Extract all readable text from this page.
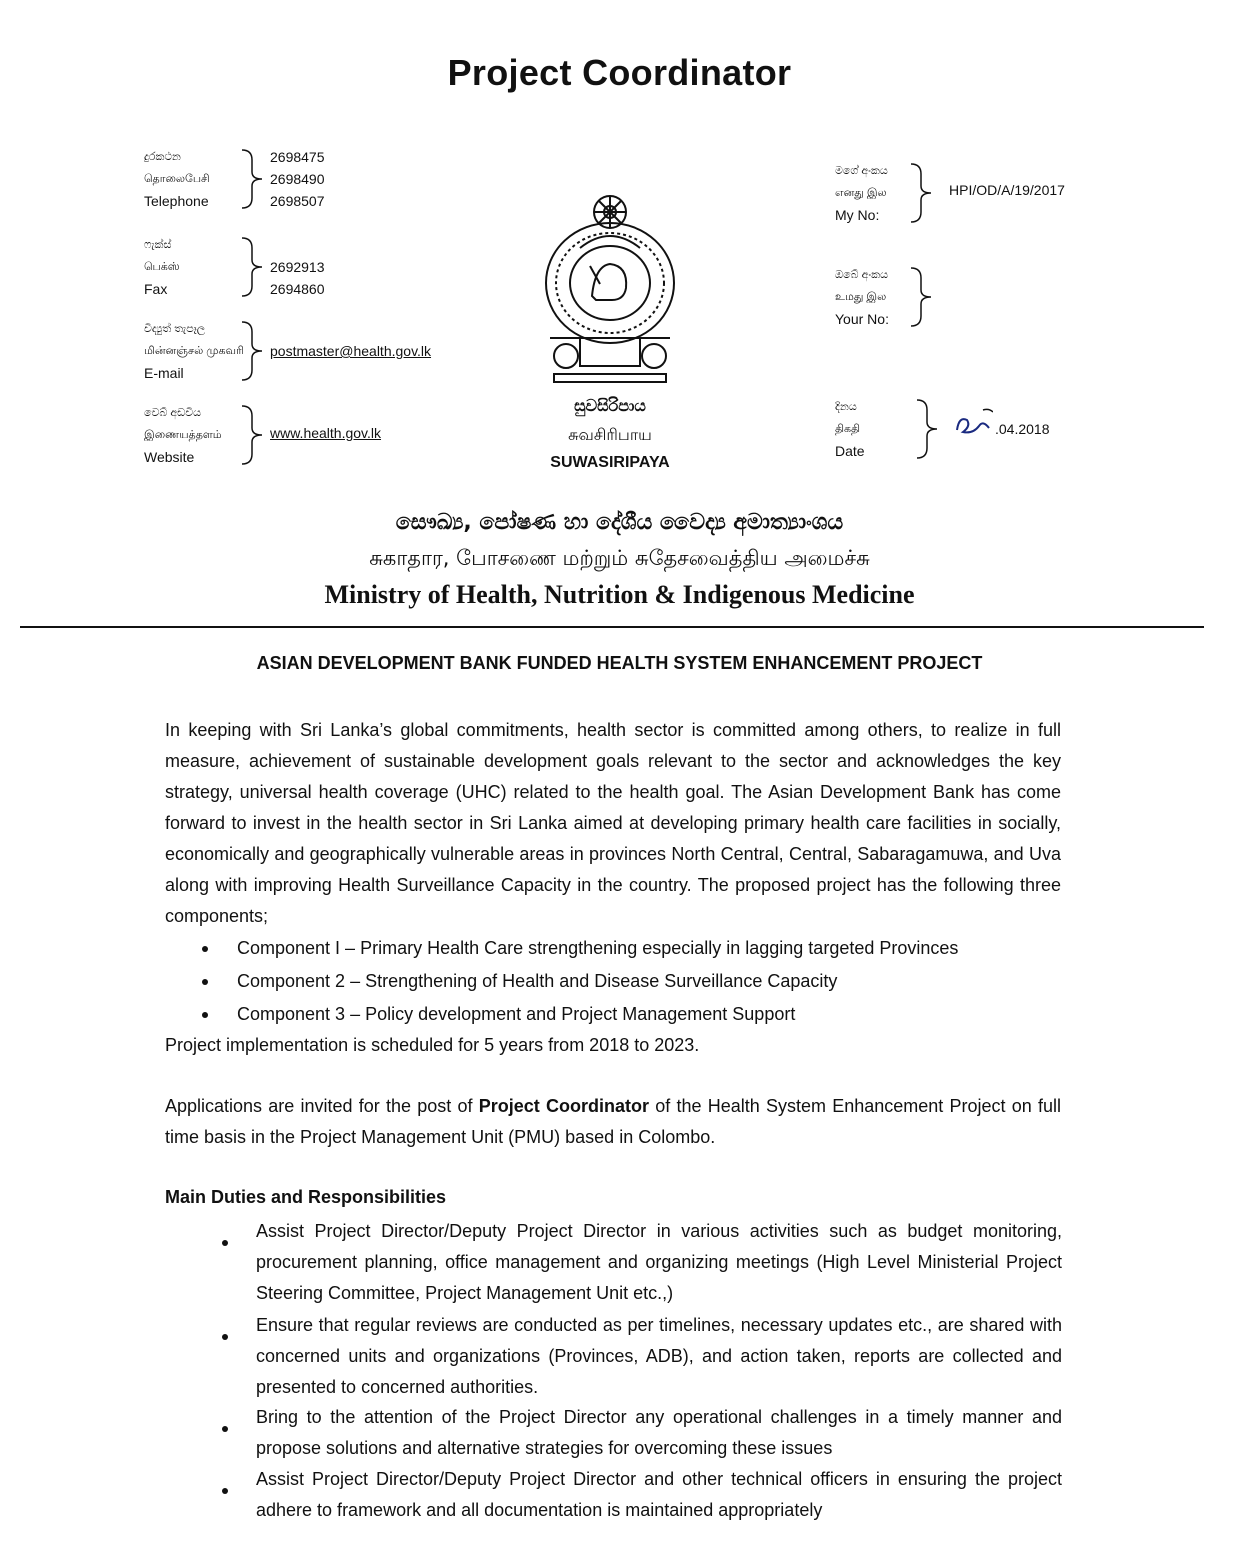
Project Coordinator
දුරකථන
தொலைபேசி
Telephone
2698475
2698490
2698507
ෆැක්ස්
பெக்ஸ்
Fax
2692913
2694860
විද්‍යුත් තැපෑල
மின்னஞ்சல் முகவரி
E-mail
postmaster@health.gov.lk
වෙබ් අඩවිය
இணையத்தளம்
Website
www.health.gov.lk
සුවසිරිපාය
சுவசிரிபாய
SUWASIRIPAYA
මගේ අංකය
எனது இல
My No:
HPI/OD/A/19/2017
ඔබේ අංකය
உமது இல
Your No:
දිනය
திகதி
Date
.04.2018
සෞඛ්‍ය, පෝෂණ හා දේශීය වෛද්‍ය අමාත්‍යාංශය
சுகாதார, போசணை மற்றும் சுதேசவைத்திய அமைச்சு
Ministry of Health, Nutrition & Indigenous Medicine
ASIAN DEVELOPMENT BANK FUNDED HEALTH SYSTEM ENHANCEMENT PROJECT
In keeping with Sri Lanka’s global commitments, health sector is committed among others, to realize in full measure, achievement of sustainable development goals relevant to the sector and acknowledges the key strategy, universal health coverage (UHC) related to the health goal. The Asian Development Bank has come forward to invest in the health sector in Sri Lanka aimed at developing primary health care facilities in socially, economically and geographically vulnerable areas in provinces North Central, Central, Sabaragamuwa, and Uva along with improving Health Surveillance Capacity in the country. The proposed project has the following three components;
Component I – Primary Health Care strengthening especially in lagging targeted Provinces
Component 2 – Strengthening of Health and Disease Surveillance Capacity
Component 3 – Policy development and Project Management Support
Project implementation is scheduled for 5 years from 2018 to 2023.
Applications are invited for the post of Project Coordinator of the Health System Enhancement Project on full time basis in the Project Management Unit (PMU) based in Colombo.
Main Duties and Responsibilities
Assist Project Director/Deputy Project Director in various activities such as budget monitoring, procurement planning, office management and organizing meetings (High Level Ministerial Project Steering Committee, Project Management Unit etc.,)
Ensure that regular reviews are conducted as per timelines, necessary updates etc., are shared with concerned units and organizations (Provinces, ADB), and action taken, reports are collected and presented to concerned authorities.
Bring to the attention of the Project Director any operational challenges in a timely manner and propose solutions and alternative strategies for overcoming these issues
Assist Project Director/Deputy Project Director and other technical officers in ensuring the project adhere to framework and all documentation is maintained appropriately
